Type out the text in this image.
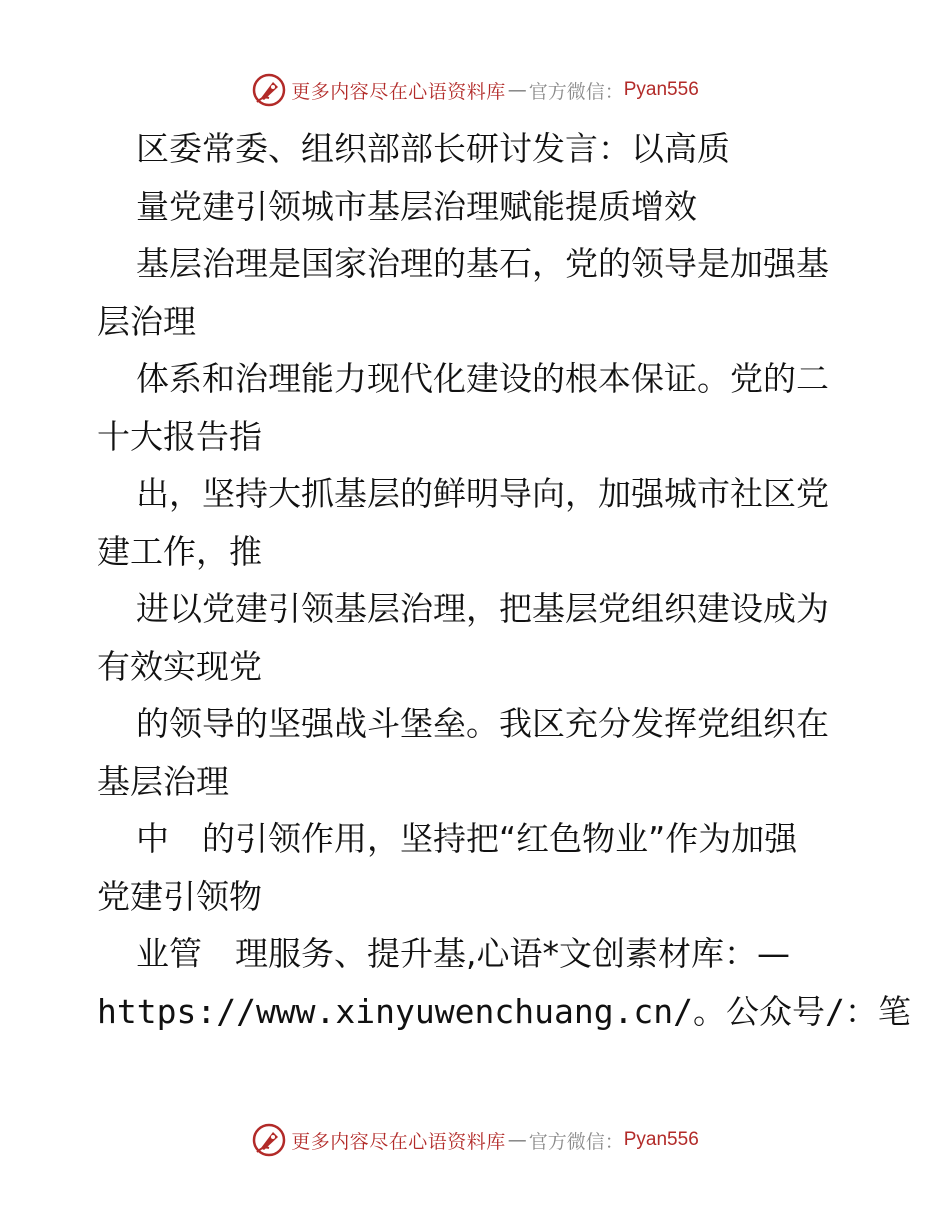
更多内容尽在心语资料库 — 官方微信： Pyan556
区委常委、组织部部长研讨发言：以高质
量党建引领城市基层治理赋能提质增效
基层治理是国家治理的基石，党的领导是加强基
层治理
体系和治理能力现代化建设的根本保证。党的二
十大报告指
出，坚持大抓基层的鲜明导向，加强城市社区党
建工作，推
进以党建引领基层治理，把基层党组织建设成为
有效实现党
的领导的坚强战斗堡垒。我区充分发挥党组织在
基层治理
中　的引领作用，坚持把“红色物业”作为加强
党建引领物
业管　理服务、提升基,心语*文创素材库：—
https://www.xinyuwenchuang.cn/。公众号/：笔
更多内容尽在心语资料库 — 官方微信： Pyan556
